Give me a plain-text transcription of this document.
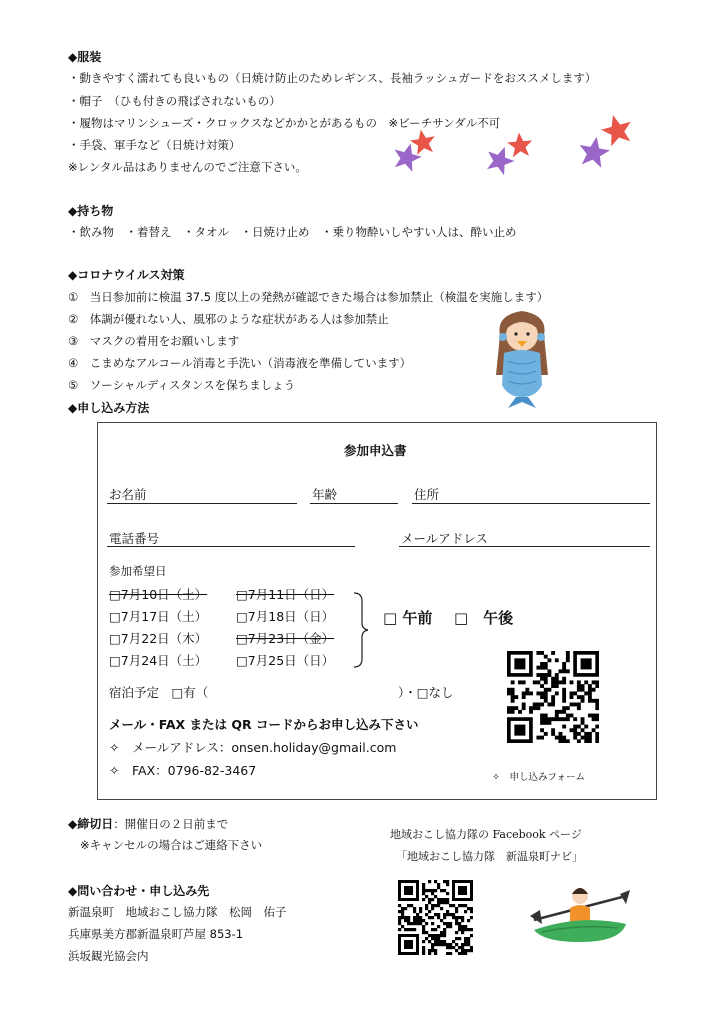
◆服装
・動きやすく濡れても良いもの（日焼け防止のためレギンス、長袖ラッシュガードをおススメします）
・帽子　（ひも付きの飛ばされないもの）
・履物はマリンシューズ・クロックスなどかかとがあるもの　※ビーチサンダル不可
・手袋、軍手など（日焼け対策）
※レンタル品はありませんのでご注意下さい。
◆持ち物
・飲み物　・着替え　・タオル　・日焼け止め　・乗り物酔いしやすい人は、酔い止め
◆コロナウイルス対策
①　当日参加前に検温 37.5 度以上の発熱が確認できた場合は参加禁止（検温を実施します）
②　体調が優れない人、風邪のような症状がある人は参加禁止
③　マスクの着用をお願いします
④　こまめなアルコール消毒と手洗い（消毒液を準備しています）
⑤　ソーシャルディスタンスを保ちましょう
◆申し込み方法
参加申込書
お名前	年齢	住所
電話番号	メールアドレス
参加希望日
□7月10日（土） □7月11日（日）
□7月17日（土） □7月18日（日）
□7月22日（木） □7月23日（金）
□7月24日（土） □7月25日（日）
□ 午前 □　午後
宿泊予定　□有（	）・□なし
メール・FAX または QR コードからお申し込み下さい
✧　メールアドレス：onsen.holiday@gmail.com
✧　FAX：0796-82-3467	✧　申し込みフォーム
◆締切日：開催日の２日前まで
※キャンセルの場合はご連絡下さい
地域おこし協力隊の Facebook ページ
「地域おこし協力隊　新温泉町ナビ」
◆問い合わせ・申し込み先
新温泉町　地域おこし協力隊　松岡　佑子
兵庫県美方郡新温泉町芦屋 853-1
浜坂観光協会内
